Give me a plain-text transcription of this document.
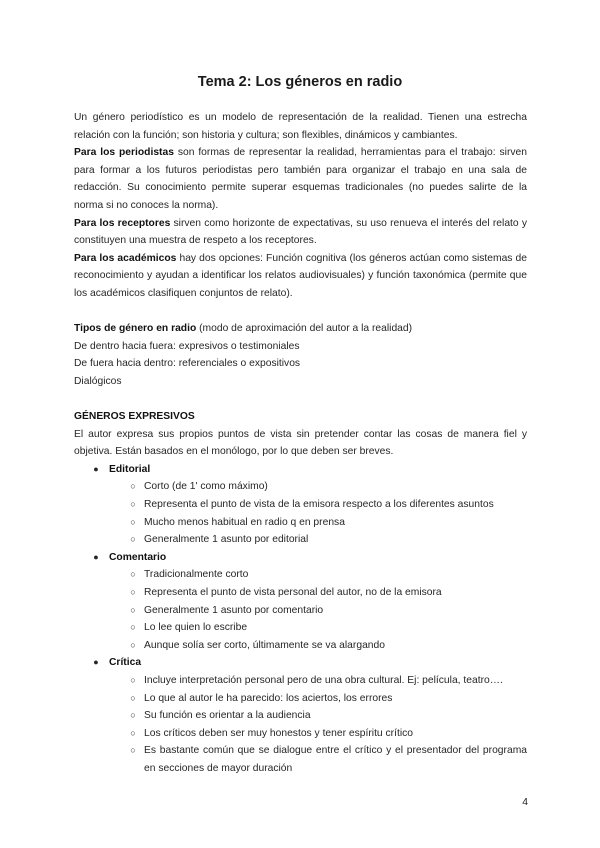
Tema 2: Los géneros en radio

Un género periodístico es un modelo de representación de la realidad. Tienen una estrecha relación con la función; son historia y cultura; son flexibles, dinámicos y cambiantes.

Para los periodistas son formas de representar la realidad, herramientas para el trabajo: sirven para formar a los futuros periodistas pero también para organizar el trabajo en una sala de redacción. Su conocimiento permite superar esquemas tradicionales (no puedes salirte de la norma si no conoces la norma).

Para los receptores sirven como horizonte de expectativas, su uso renueva el interés del relato y constituyen una muestra de respeto a los receptores.

Para los académicos hay dos opciones: Función cognitiva (los géneros actúan como sistemas de reconocimiento y ayudan a identificar los relatos audiovisuales) y función taxonómica (permite que los académicos clasifiquen conjuntos de relato).

Tipos de género en radio (modo de aproximación del autor a la realidad)

De dentro hacia fuera: expresivos o testimoniales

De fuera hacia dentro: referenciales o expositivos

Dialógicos

GÉNEROS EXPRESIVOS

El autor expresa sus propios puntos de vista sin pretender contar las cosas de manera fiel y objetiva. Están basados en el monólogo, por lo que deben ser breves.

● Editorial
○ Corto (de 1' como máximo)
○ Representa el punto de vista de la emisora respecto a los diferentes asuntos
○ Mucho menos habitual en radio q en prensa
○ Generalmente 1 asunto por editorial
● Comentario
○ Tradicionalmente corto
○ Representa el punto de vista personal del autor, no de la emisora
○ Generalmente 1 asunto por comentario
○ Lo lee quien lo escribe
○ Aunque solía ser corto, últimamente se va alargando
● Crítica
○ Incluye interpretación personal pero de una obra cultural. Ej: película, teatro….
○ Lo que al autor le ha parecido: los aciertos, los errores
○ Su función es orientar a la audiencia
○ Los críticos deben ser muy honestos y tener espíritu crítico
○ Es bastante común que se dialogue entre el crítico y el presentador del programa en secciones de mayor duración
4
